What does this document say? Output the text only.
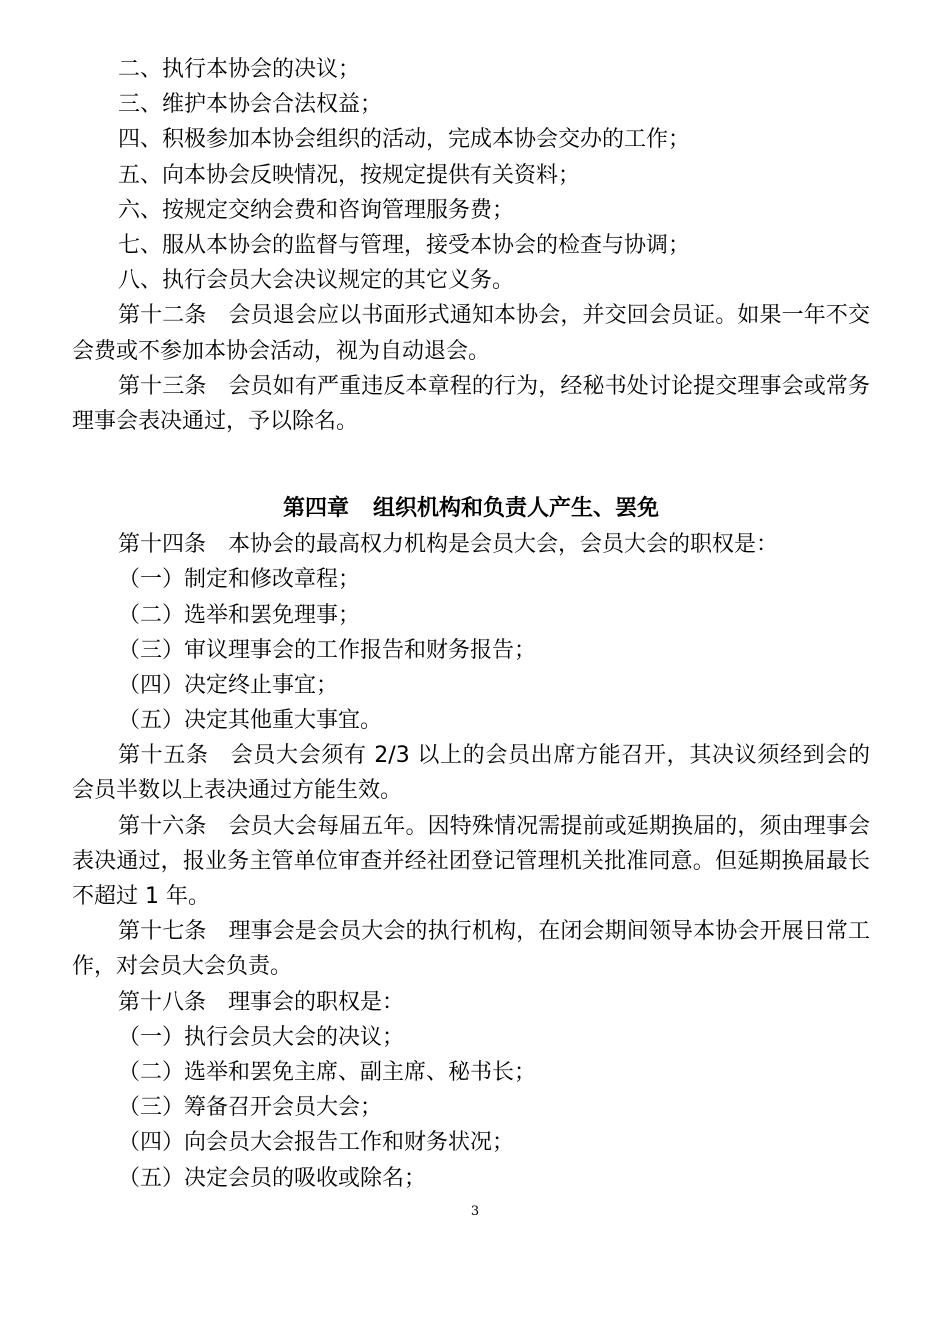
二、执行本协会的决议；
三、维护本协会合法权益；
四、积极参加本协会组织的活动，完成本协会交办的工作；
五、向本协会反映情况，按规定提供有关资料；
六、按规定交纳会费和咨询管理服务费；
七、服从本协会的监督与管理，接受本协会的检查与协调；
八、执行会员大会决议规定的其它义务。
第十二条 会员退会应以书面形式通知本协会，并交回会员证。如果一年不交会费或不参加本协会活动，视为自动退会。
第十三条 会员如有严重违反本章程的行为，经秘书处讨论提交理事会或常务理事会表决通过，予以除名。
第四章 组织机构和负责人产生、罢免
第十四条 本协会的最高权力机构是会员大会，会员大会的职权是：
（一）制定和修改章程；
（二）选举和罢免理事；
（三）审议理事会的工作报告和财务报告；
（四）决定终止事宜；
（五）决定其他重大事宜。
第十五条 会员大会须有 2/3 以上的会员出席方能召开，其决议须经到会的会员半数以上表决通过方能生效。
第十六条 会员大会每届五年。因特殊情况需提前或延期换届的，须由理事会表决通过，报业务主管单位审查并经社团登记管理机关批准同意。但延期换届最长不超过 1 年。
第十七条 理事会是会员大会的执行机构，在闭会期间领导本协会开展日常工作，对会员大会负责。
第十八条 理事会的职权是：
（一）执行会员大会的决议；
（二）选举和罢免主席、副主席、秘书长；
（三）筹备召开会员大会；
（四）向会员大会报告工作和财务状况；
（五）决定会员的吸收或除名；
3
